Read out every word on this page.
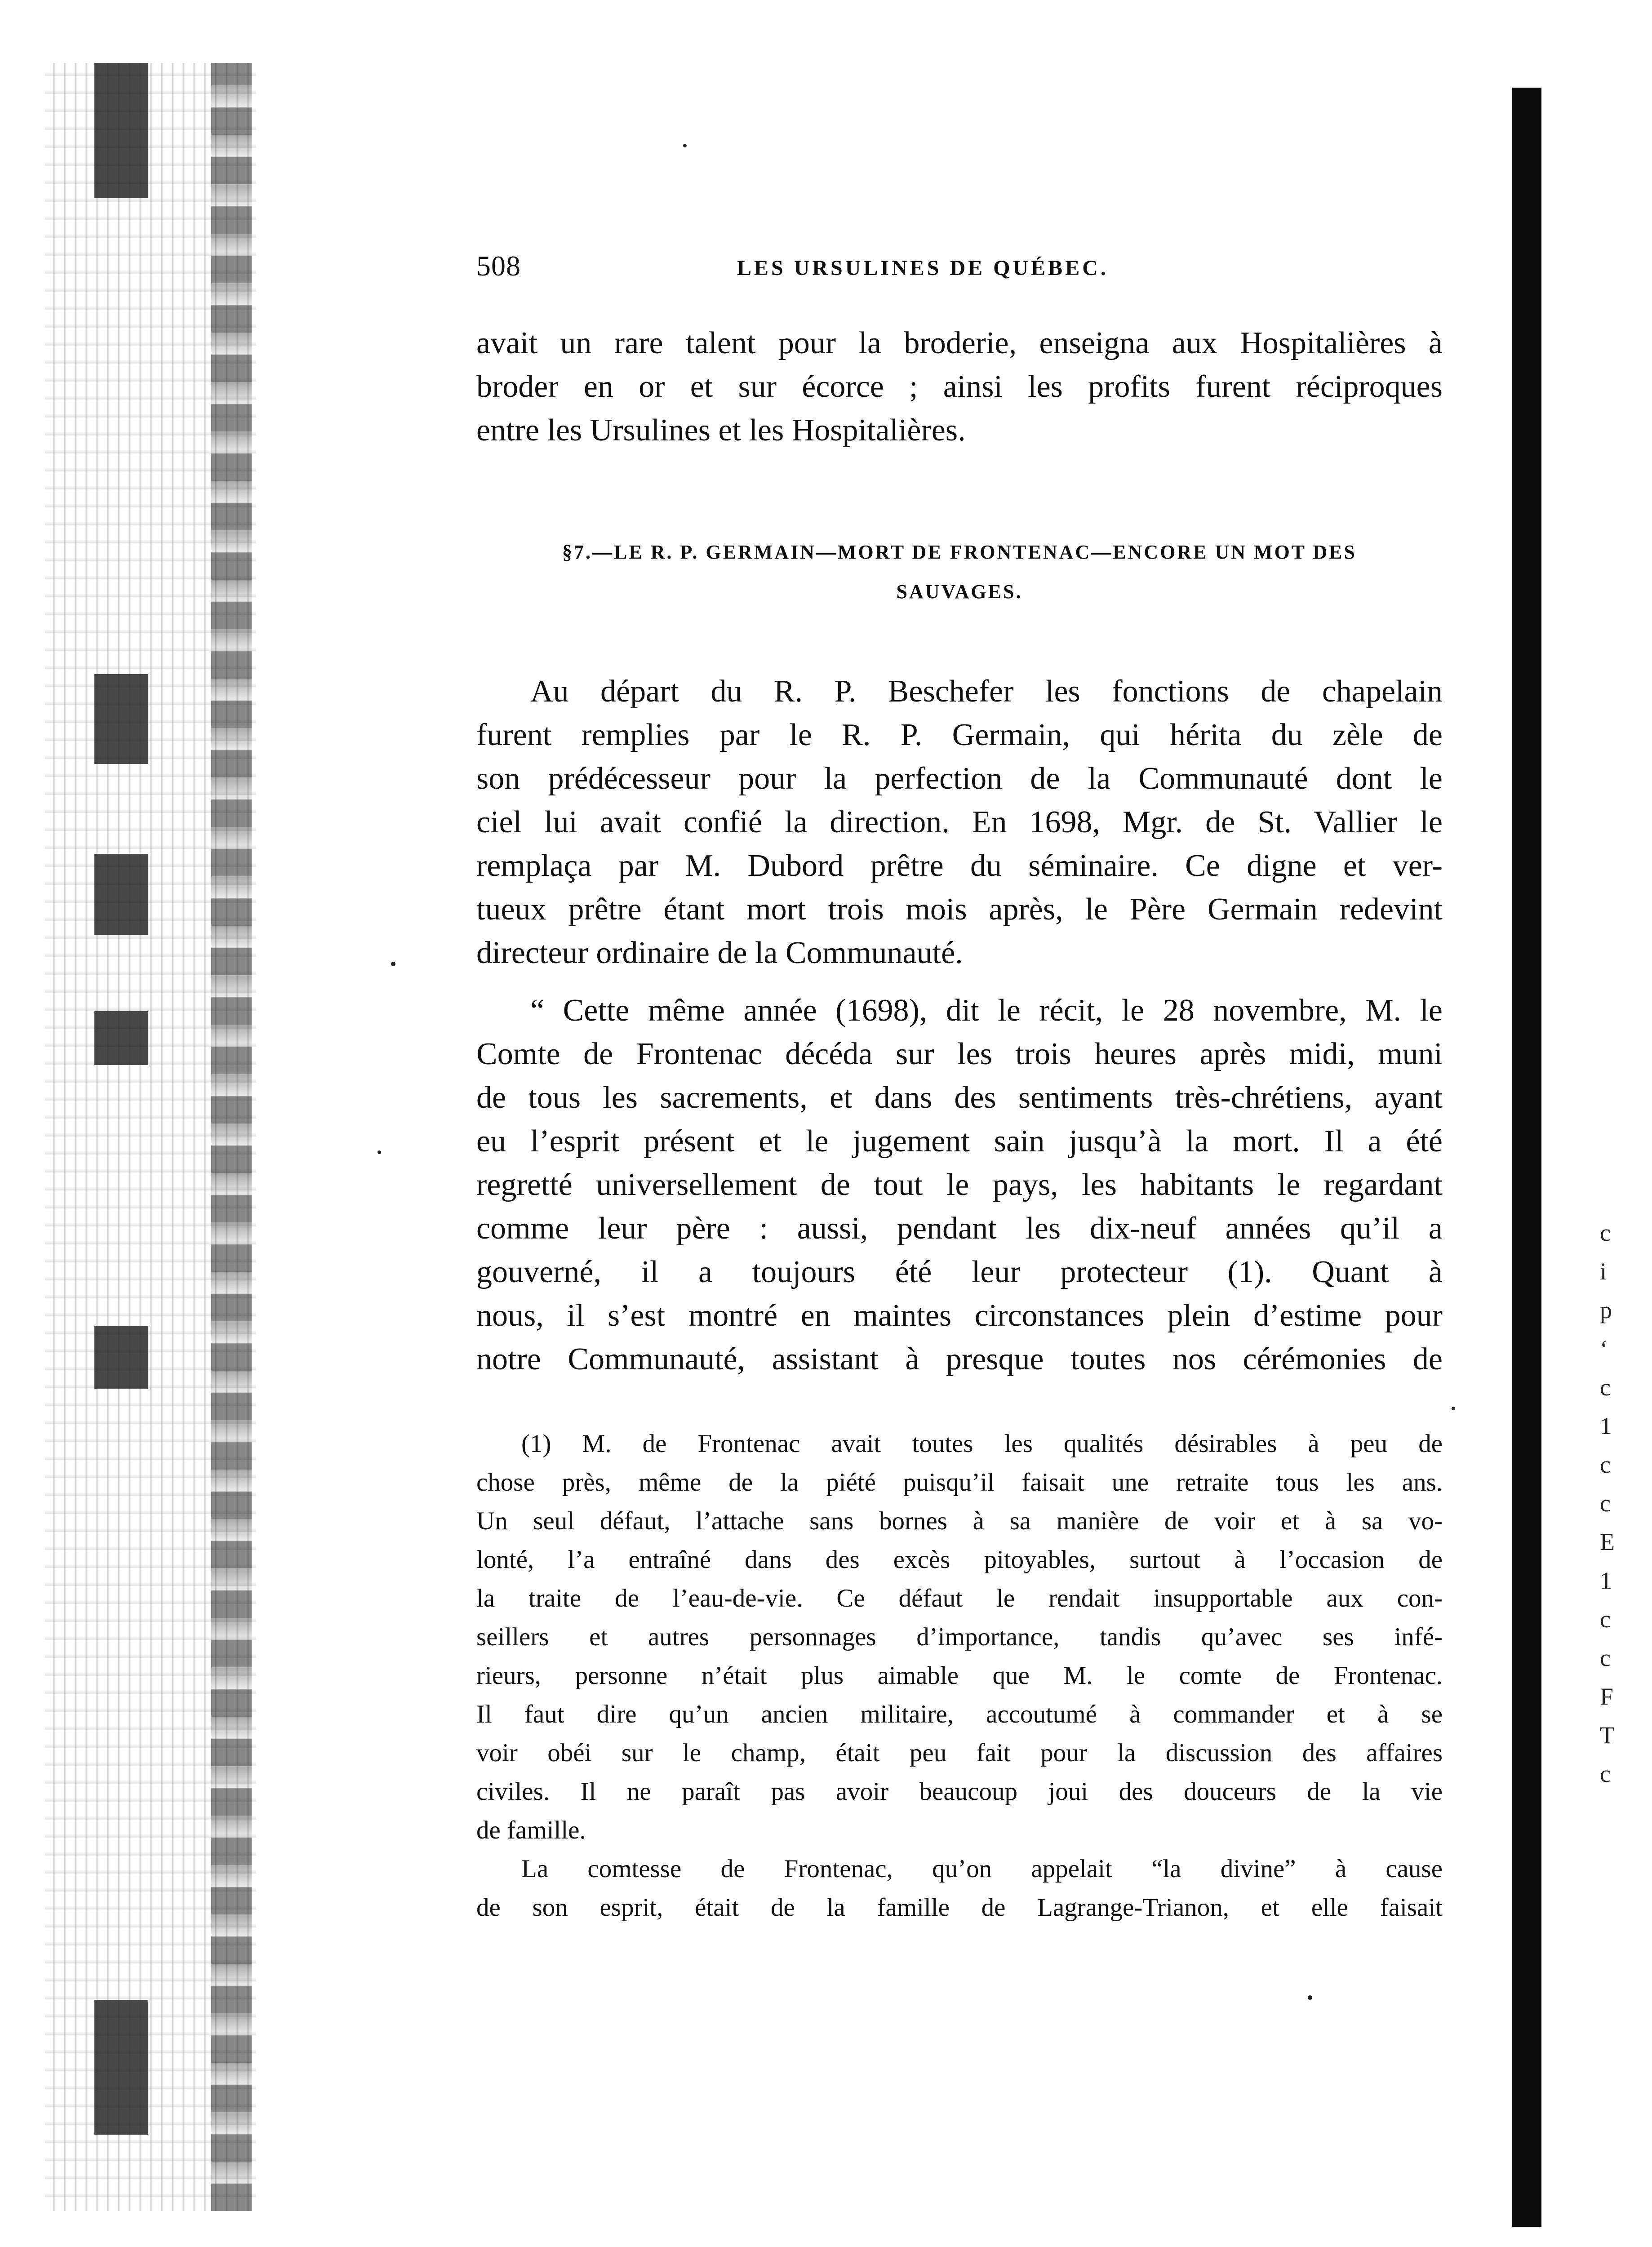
508	LES URSULINES DE QUÉBEC.
avait un rare talent pour la broderie, enseigna aux Hospitalières à
broder en or et sur écorce ; ainsi les profits furent réciproques
entre les Ursulines et les Hospitalières.
§7.—LE R. P. GERMAIN—MORT DE FRONTENAC—ENCORE UN MOT DES
SAUVAGES.
Au départ du R. P. Beschefer les fonctions de chapelain
furent remplies par le R. P. Germain, qui hérita du zèle de
son prédécesseur pour la perfection de la Communauté dont le
ciel lui avait confié la direction. En 1698, Mgr. de St. Vallier le
remplaça par M. Dubord prêtre du séminaire. Ce digne et ver-
tueux prêtre étant mort trois mois après, le Père Germain redevint
directeur ordinaire de la Communauté.
“ Cette même année (1698), dit le récit, le 28 novembre, M. le
Comte de Frontenac décéda sur les trois heures après midi, muni
de tous les sacrements, et dans des sentiments très-chrétiens, ayant
eu l’esprit présent et le jugement sain jusqu’à la mort. Il a été
regretté universellement de tout le pays, les habitants le regardant
comme leur père : aussi, pendant les dix-neuf années qu’il a
gouverné, il a toujours été leur protecteur (1). Quant à
nous, il s’est montré en maintes circonstances plein d’estime pour
notre Communauté, assistant à presque toutes nos cérémonies de
(1) M. de Frontenac avait toutes les qualités désirables à peu de
chose près, même de la piété puisqu’il faisait une retraite tous les ans.
Un seul défaut, l’attache sans bornes à sa manière de voir et à sa vo-
lonté, l’a entraîné dans des excès pitoyables, surtout à l’occasion de
la traite de l’eau-de-vie. Ce défaut le rendait insupportable aux con-
seillers et autres personnages d’importance, tandis qu’avec ses infé-
rieurs, personne n’était plus aimable que M. le comte de Frontenac.
Il faut dire qu’un ancien militaire, accoutumé à commander et à se
voir obéi sur le champ, était peu fait pour la discussion des affaires
civiles. Il ne paraît pas avoir beaucoup joui des douceurs de la vie
de famille.
La comtesse de Frontenac, qu’on appelait “la divine” à cause
de son esprit, était de la famille de Lagrange-Trianon, et elle faisait
c
i
p
‘
c
1
c
c
E
1
c
c
F
T
c
